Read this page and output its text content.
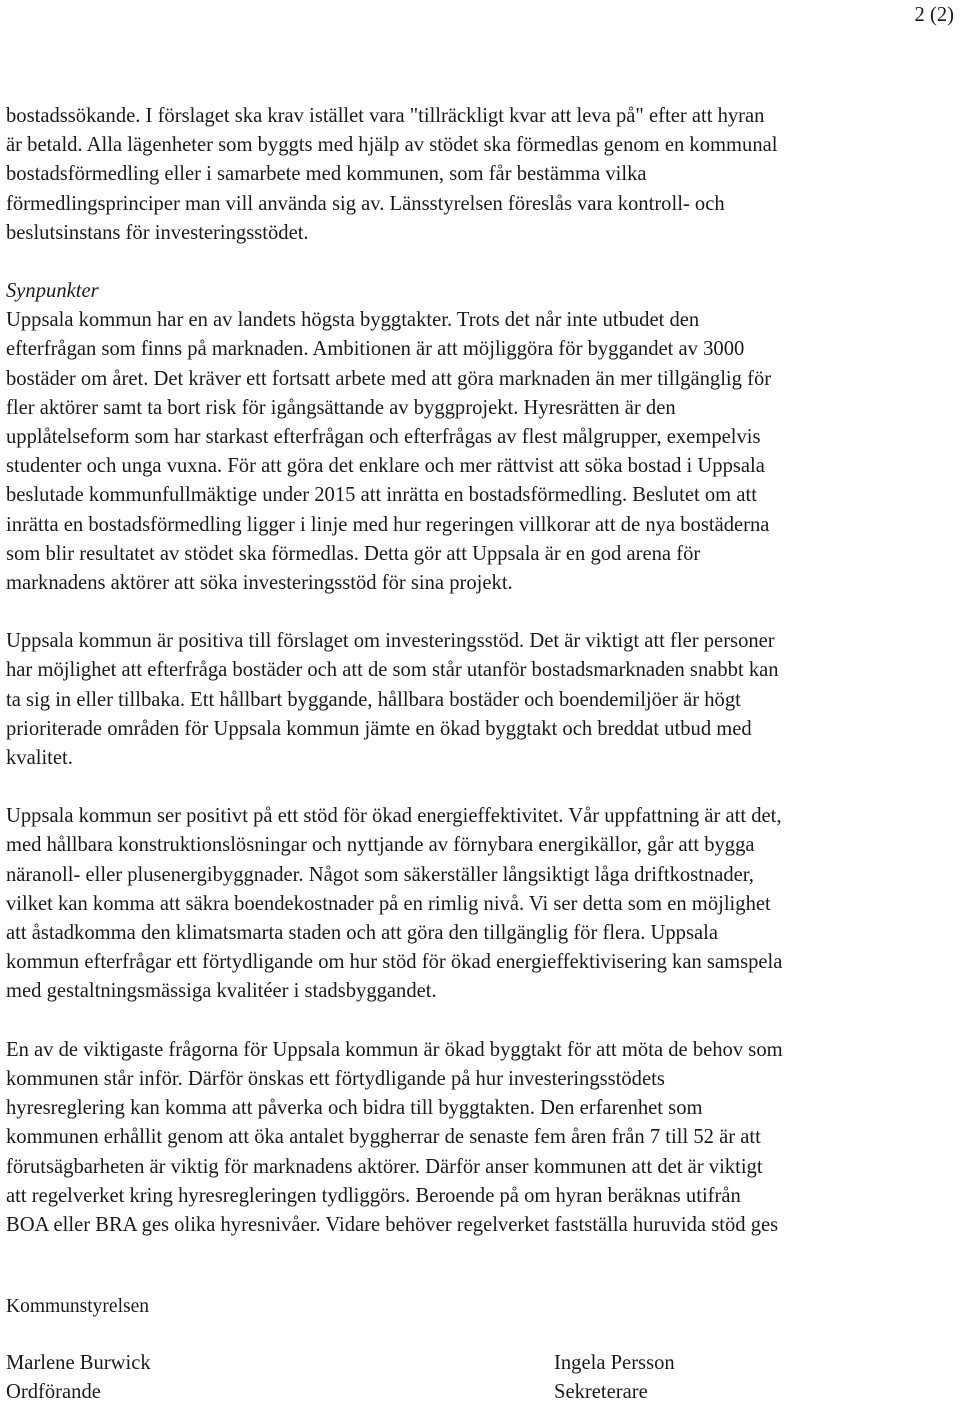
2 (2)

bostadssökande. I förslaget ska krav istället vara "tillräckligt kvar att leva på" efter att hyran
är betald. Alla lägenheter som byggts med hjälp av stödet ska förmedlas genom en kommunal
bostadsförmedling eller i samarbete med kommunen, som får bestämma vilka
förmedlingsprinciper man vill använda sig av. Länsstyrelsen föreslås vara kontroll- och
beslutsinstans för investeringsstödet.

Synpunkter

Uppsala kommun har en av landets högsta byggtakter. Trots det når inte utbudet den
efterfrågan som finns på marknaden. Ambitionen är att möjliggöra för byggandet av 3000
bostäder om året. Det kräver ett fortsatt arbete med att göra marknaden än mer tillgänglig för
fler aktörer samt ta bort risk för igångsättande av byggprojekt. Hyresrätten är den
upplåtelseform som har starkast efterfrågan och efterfrågas av flest målgrupper, exempelvis
studenter och unga vuxna. För att göra det enklare och mer rättvist att söka bostad i Uppsala
beslutade kommunfullmäktige under 2015 att inrätta en bostadsförmedling. Beslutet om att
inrätta en bostadsförmedling ligger i linje med hur regeringen villkorar att de nya bostäderna
som blir resultatet av stödet ska förmedlas. Detta gör att Uppsala är en god arena för
marknadens aktörer att söka investeringsstöd för sina projekt.

Uppsala kommun är positiva till förslaget om investeringsstöd. Det är viktigt att fler personer
har möjlighet att efterfråga bostäder och att de som står utanför bostadsmarknaden snabbt kan
ta sig in eller tillbaka. Ett hållbart byggande, hållbara bostäder och boendemiljöer är högt
prioriterade områden för Uppsala kommun jämte en ökad byggtakt och breddat utbud med
kvalitet.

Uppsala kommun ser positivt på ett stöd för ökad energieffektivitet. Vår uppfattning är att det,
med hållbara konstruktionslösningar och nyttjande av förnybara energikällor, går att bygga
näranoll- eller plusenergibyggnader. Något som säkerställer långsiktigt låga driftkostnader,
vilket kan komma att säkra boendekostnader på en rimlig nivå. Vi ser detta som en möjlighet
att åstadkomma den klimatsmarta staden och att göra den tillgänglig för flera. Uppsala
kommun efterfrågar ett förtydligande om hur stöd för ökad energieffektivisering kan samspela
med gestaltningsmässiga kvalitéer i stadsbyggandet.

En av de viktigaste frågorna för Uppsala kommun är ökad byggtakt för att möta de behov som
kommunen står inför. Därför önskas ett förtydligande på hur investeringsstödets
hyresreglering kan komma att påverka och bidra till byggtakten. Den erfarenhet som
kommunen erhållit genom att öka antalet byggherrar de senaste fem åren från 7 till 52 är att
förutsägbarheten är viktig för marknadens aktörer. Därför anser kommunen att det är viktigt
att regelverket kring hyresregleringen tydliggörs. Beroende på om hyran beräknas utifrån
BOA eller BRA ges olika hyresnivåer. Vidare behöver regelverket fastställa huruvida stöd ges

Kommunstyrelsen
Marlene Burwick
Ordförande
Ingela Persson
Sekreterare
